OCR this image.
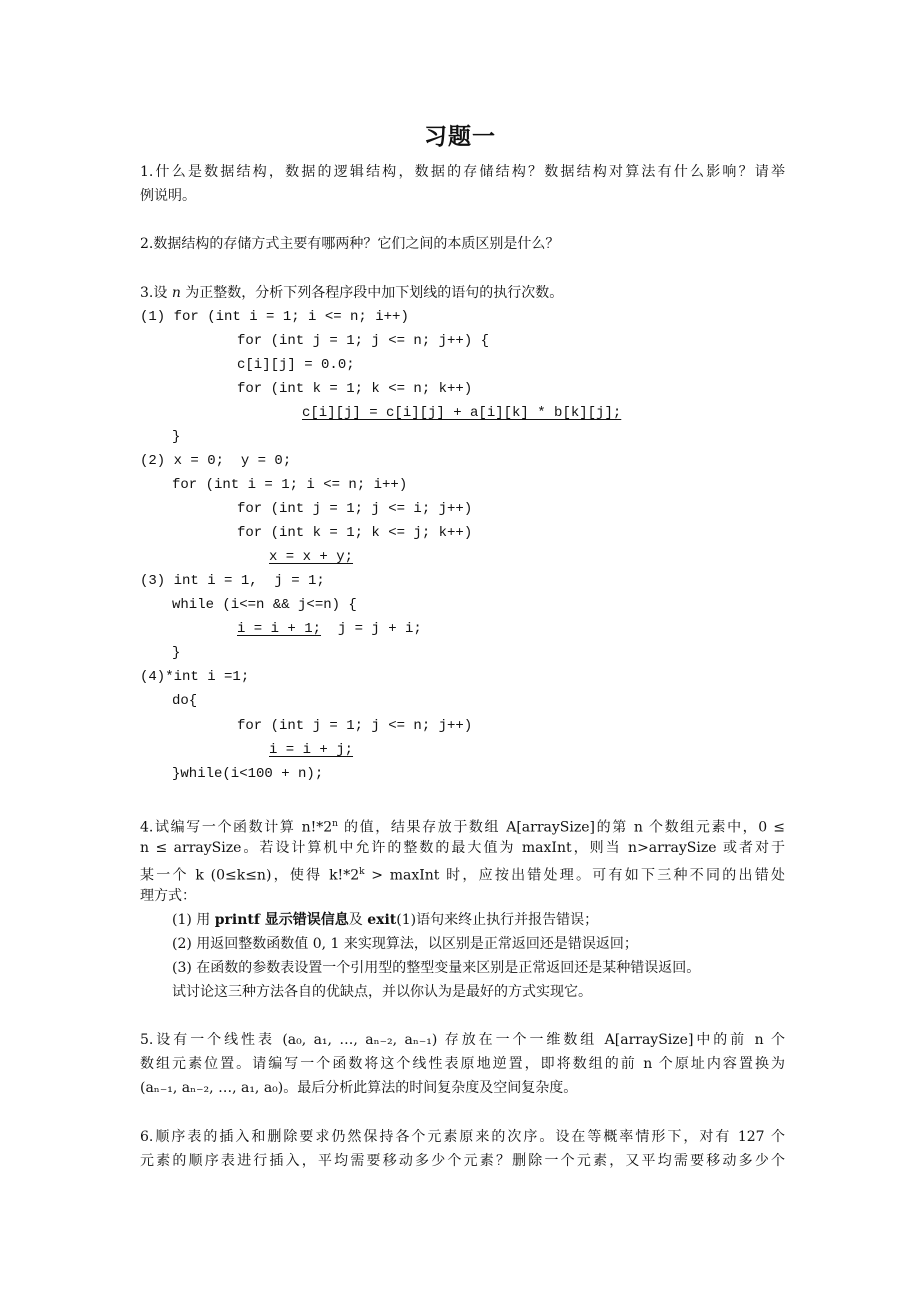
习题一
1.什么是数据结构，数据的逻辑结构，数据的存储结构？数据结构对算法有什么影响？请举
例说明。
2.数据结构的存储方式主要有哪两种？它们之间的本质区别是什么？
3.设 n 为正整数，分析下列各程序段中加下划线的语句的执行次数。
(1) for (int i = 1; i <= n; i++)
for (int j = 1; j <= n; j++) {
c[i][j] = 0.0;
for (int k = 1; k <= n; k++)
c[i][j] = c[i][j] + a[i][k] * b[k][j];
}
(2) x = 0;  y = 0;
for (int i = 1; i <= n; i++)
for (int j = 1; j <= i; j++)
for (int k = 1; k <= j; k++)
x = x + y;
(3) int i = 1,  j = 1;
while (i<=n && j<=n) {
i = i + 1;  j = j + i;
}
(4)*int i =1;
do{
for (int j = 1; j <= n; j++)
i = i + j;
}while(i<100 + n);
4.试编写一个函数计算 n!*2$^n$ 的值，结果存放于数组 A[arraySize]的第 n 个数组元素中，0 ≤
n ≤ arraySize。若设计算机中允许的整数的最大值为 maxInt，则当 n>arraySize 或者对于
某一个 k (0≤k≤n)，使得 $k!*2^k$ > maxInt 时，应按出错处理。可有如下三种不同的出错处
理方式：
(1) 用 printf 显示错误信息及 exit(1)语句来终止执行并报告错误；
(2) 用返回整数函数值 0, 1 来实现算法，以区别是正常返回还是错误返回；
(3) 在函数的参数表设置一个引用型的整型变量来区别是正常返回还是某种错误返回。
试讨论这三种方法各自的优缺点，并以你认为是最好的方式实现它。
5.设有一个线性表 (a₀, a₁, …, aₙ₋₂, aₙ₋₁) 存放在一个一维数组 A[arraySize]中的前 n 个
数组元素位置。请编写一个函数将这个线性表原地逆置，即将数组的前 n 个原址内容置换为
(aₙ₋₁, aₙ₋₂, …, a₁, a₀)。最后分析此算法的时间复杂度及空间复杂度。
6.顺序表的插入和删除要求仍然保持各个元素原来的次序。设在等概率情形下，对有 127 个
元素的顺序表进行插入，平均需要移动多少个元素？删除一个元素，又平均需要移动多少个
